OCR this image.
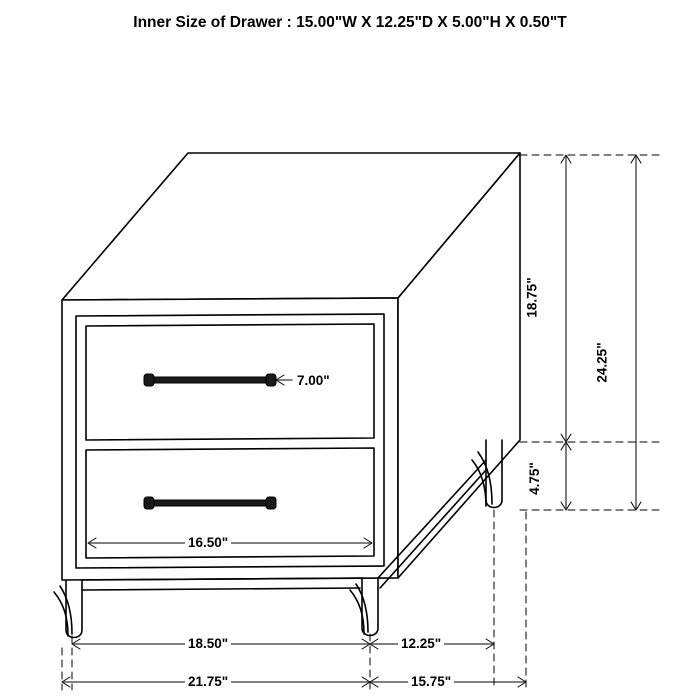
Inner Size of Drawer : 15.00"W X 12.25"D X 5.00"H X 0.50"T
7.00"
16.50"
18.75"
24.25"
4.75"
18.50"	12.25"
21.75"	15.75"
